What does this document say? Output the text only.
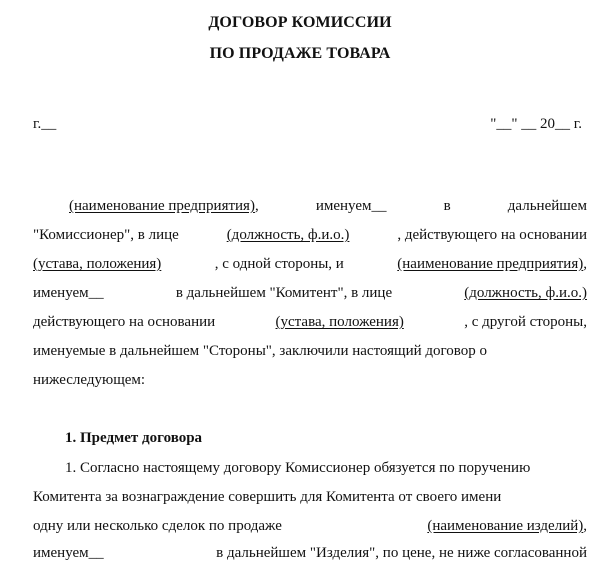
ДОГОВОР КОМИССИИ
ПО ПРОДАЖЕ ТОВАРА
г.__	"__" __ 20__ г.
(наименование предприятия),	именуем__	в	дальнейшем
"Комиссионер", в лице	(должность, ф.и.о.)	, действующего на основании
(устава, положения)	, с одной стороны, и	(наименование предприятия),
именуем__	в дальнейшем "Комитент", в лице	(должность, ф.и.о.)
действующего на основании	(устава, положения)	, с другой стороны,
именуемые в дальнейшем "Стороны", заключили настоящий договор о
нижеследующем:
1. Предмет договора
1. Согласно настоящему договору Комиссионер обязуется по поручению
Комитента за вознаграждение совершить для Комитента от своего имени
одну или несколько сделок по продаже	(наименование изделий),
именуем__	в дальнейшем "Изделия", по цене, не ниже согласованной
